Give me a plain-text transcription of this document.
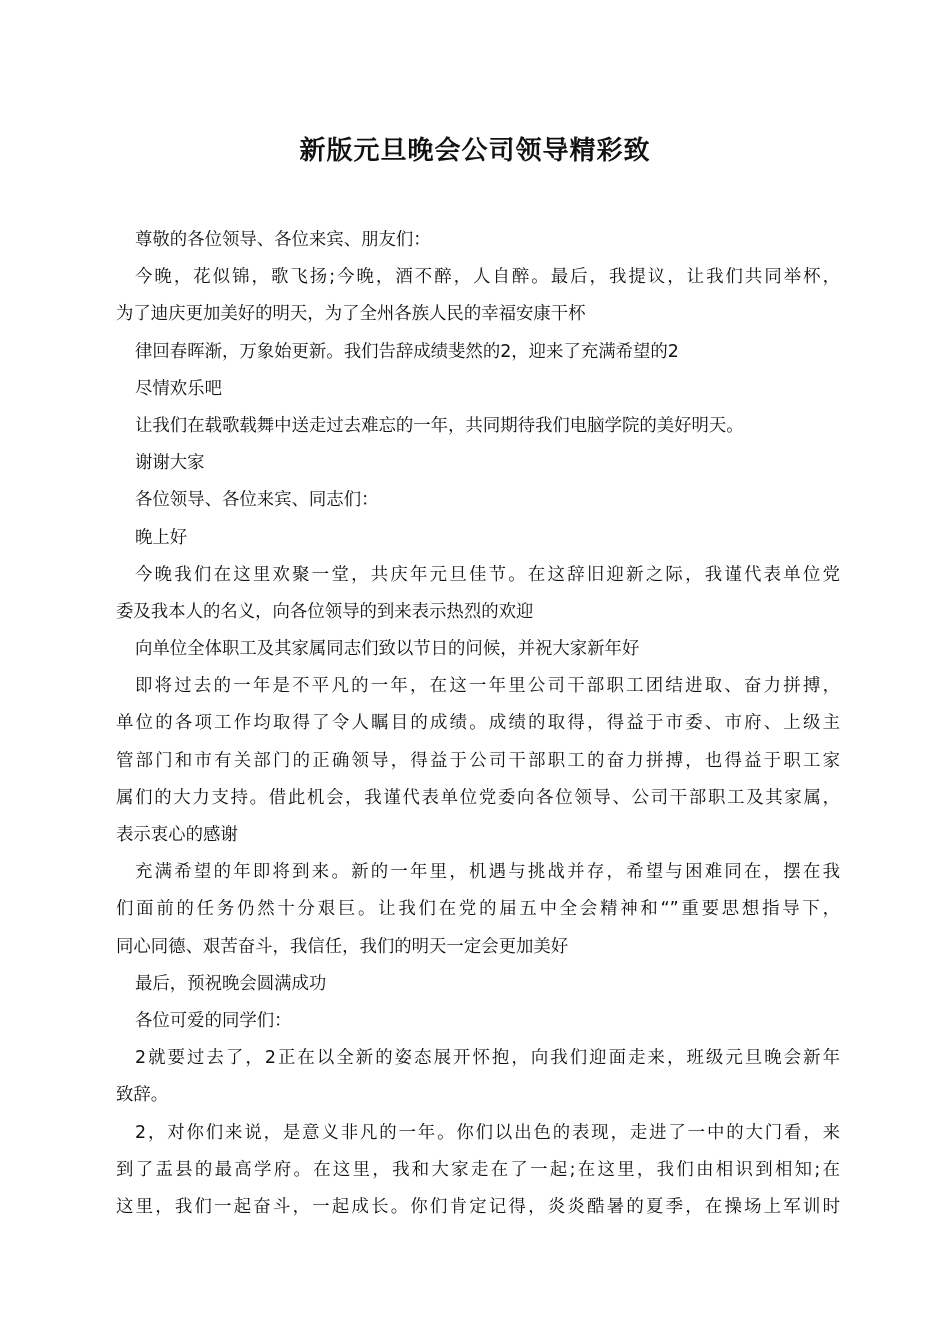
新版元旦晚会公司领导精彩致
尊敬的各位领导、各位来宾、朋友们：
今晚，花似锦，歌飞扬;今晚，酒不醉，人自醉。最后，我提议，让我们共同举杯，
为了迪庆更加美好的明天，为了全州各族人民的幸福安康干杯
律回春晖渐，万象始更新。我们告辞成绩斐然的2，迎来了充满希望的2
尽情欢乐吧
让我们在载歌载舞中送走过去难忘的一年，共同期待我们电脑学院的美好明天。
谢谢大家
各位领导、各位来宾、同志们：
晚上好
今晚我们在这里欢聚一堂，共庆年元旦佳节。在这辞旧迎新之际，我谨代表单位党
委及我本人的名义，向各位领导的到来表示热烈的欢迎
向单位全体职工及其家属同志们致以节日的问候，并祝大家新年好
即将过去的一年是不平凡的一年，在这一年里公司干部职工团结进取、奋力拼搏，
单位的各项工作均取得了令人瞩目的成绩。成绩的取得，得益于市委、市府、上级主
管部门和市有关部门的正确领导，得益于公司干部职工的奋力拼搏，也得益于职工家
属们的大力支持。借此机会，我谨代表单位党委向各位领导、公司干部职工及其家属，
表示衷心的感谢
充满希望的年即将到来。新的一年里，机遇与挑战并存，希望与困难同在，摆在我
们面前的任务仍然十分艰巨。让我们在党的届五中全会精神和“”重要思想指导下，
同心同德、艰苦奋斗，我信任，我们的明天一定会更加美好
最后，预祝晚会圆满成功
各位可爱的同学们：
2就要过去了，2正在以全新的姿态展开怀抱，向我们迎面走来，班级元旦晚会新年
致辞。
2，对你们来说，是意义非凡的一年。你们以出色的表现，走进了一中的大门看，来
到了盂县的最高学府。在这里，我和大家走在了一起;在这里，我们由相识到相知;在
这里，我们一起奋斗，一起成长。你们肯定记得，炎炎酷暑的夏季，在操场上军训时
